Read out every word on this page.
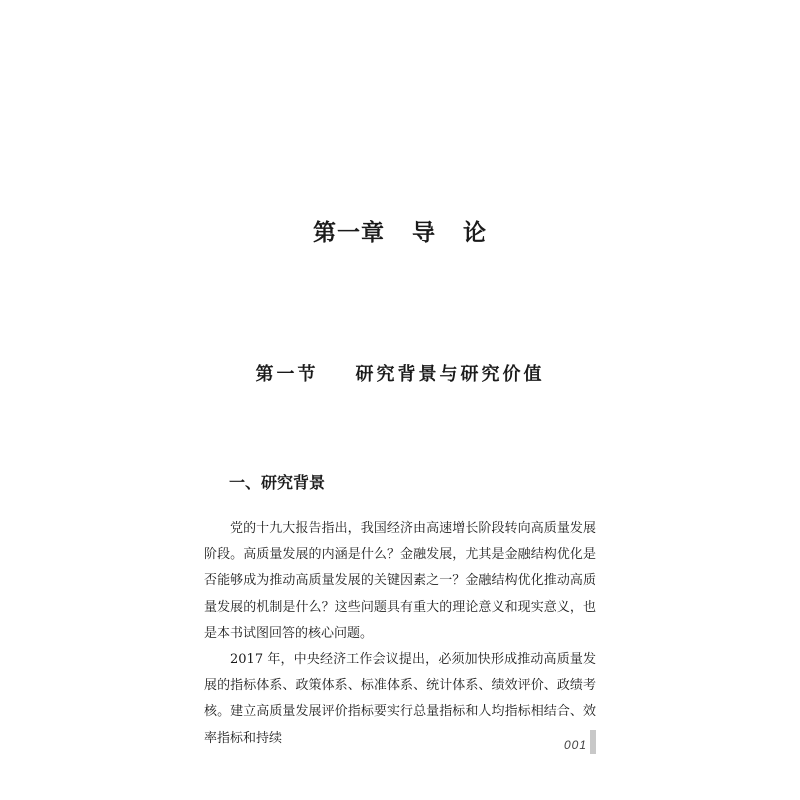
第一章   导   论
第一节    研究背景与研究价值
一、研究背景

党的十九大报告指出，我国经济由高速增长阶段转向高质量发展阶段。高质量发展的内涵是什么？金融发展，尤其是金融结构优化是否能够成为推动高质量发展的关键因素之一？金融结构优化推动高质量发展的机制是什么？这些问题具有重大的理论意义和现实意义，也是本书试图回答的核心问题。

2017 年，中央经济工作会议提出，必须加快形成推动高质量发展的指标体系、政策体系、标准体系、统计体系、绩效评价、政绩考核。建立高质量发展评价指标要实行总量指标和人均指标相结合、效率指标和持续	001
